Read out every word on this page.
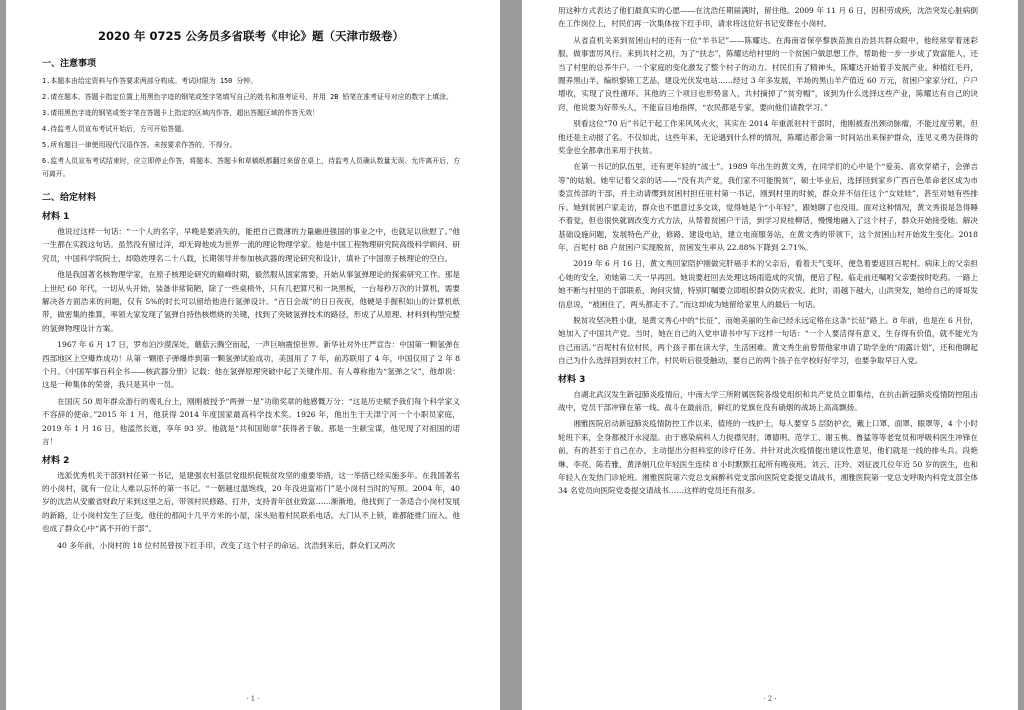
2020 年 0725 公务员多省联考《申论》题（天津市级卷）
一、注意事项

1.本题本由给定资料与作答要求两部分构成。考试时限为 150 分钟。

2.请在题本、答题卡指定位置上用黑色字迹的钢笔或签字笔填写自己的姓名和准考证号，并用 2B 铅笔在准考证号对应的数字上填涂。

3.请用黑色字迹的钢笔或签字笔在答题卡上指定的区域内作答，超出答题区域的作答无效！

4.待监考人员宣布考试开始后，方可开始答题。

5.所有题目一律使用现代汉语作答。未按要求作答的，不得分。

6.监考人员宣布考试结束时，应立即停止作答，将题本、答题卡和草稿纸都翻过来留在桌上，待监考人员确认数量无误、允许离开后，方可离开。

二、给定材料
材料 1

他说过这样一句话：“一个人的名字，早晚是要消失的，能把自己微薄的力量融进强国的事业之中，也就足以欣慰了。”他一生都在实践这句话。虽然没有留过洋，却无碍他成为世界一流的理论物理学家。他是中国工程物理研究院高级科学顾问、研究员，中国科学院院士，却隐姓埋名二十八载，长期领导并参加核武器的理论研究和设计，填补了中国原子核理论的空白。

他是我国著名核物理学家，在原子核理论研究的巅峰时期，毅然服从国家需要，开始从事氢弹理论的探索研究工作。那是上世纪 60 年代，一切从头开始，装备非常简陋，除了一些桌椅外，只有几把算尺和一块黑板，一台每秒万次的计算机，需要解决各方面浩来的问题，仅有 5%的时长可以留给他进行氢弹设计。“百日会战”的日日夜夜，他硬是手握积如山的计算机纸带，做密集的推算，率领大家发现了氢弹自持热核燃烧的关键，找到了突破氢弹技术的路径，形成了从原理、材料到构型完整的氢弹物理设计方案。

1967 年 6 月 17 日，罗布泊沙漠深处，蘑菇云腾空而起，一声巨响震惊世界。新华社对外庄严宣告：中国第一颗氢弹在西部地区上空爆炸成功！从第一颗原子弹爆炸到第一颗氢弹试验成功，美国用了 7 年，前苏联用了 4 年，中国仅用了 2 年 8 个月。《中国军事百科全书——核武器分册》记载：他在氢弹原理突破中起了关键作用。有人尊称他为“氢弹之父”，他却说：这是一种集体的荣誉，我只是其中一员。

在国庆 50 周年群众游行的观礼台上，刚刚被授予“两弹一星”功勋奖章的他感慨万分：“这是历史赋予我们每个科学家义不容辞的使命。”2015 年 1 月，他获得 2014 年度国家最高科学技术奖。1926 年，他出生于天津宁河一个小职员家庭，2019 年 1 月 16 日，他溘然长逝，享年 93 岁。他就是“共和国勋章”获得者于敏。那是一生献宝谋，他见现了对祖国的诺言！

材料 2

选派优秀机关干部到村任第一书记，是建强农村基层党组织促脱贫攻坚的重要举措，这一举措已经实施多年。在我国著名的小岗村，就有一位让人难以忘怀的第一书记。“一朝越过温饱线，20 年没进富裕门”是小岗村当时的写照。2004 年，40 岁的沈浩从安徽省财政厅来到这里之后，带领村民修路、打井，支持青年创业致富……渐渐地，他找到了一条适合小岗村发展的新路，让小岗村发生了巨变。他住的那间十几平方米的小屋，床头贴着村民联系电话。大门从不上锁，谁都能推门而入。他也成了群众心中“离不开的干部”。

40 多年前，小岗村的 18 位村民曾按下红手印，改变了这个村子的命运。沈浩到来后，群众们又两次

· 1 ·

用这种方式表达了他们最真实的心愿——在沈浩任期届满时，留住他。2009 年 11 月 6 日，因积劳成疾，沈浩突发心脏病倒在工作岗位上，村民们再一次集体按下红手印，请求将这位好书记安葬在小岗村。

从省直机关来到贫困山村的还有一位“羊书记”——陈耀达。在海南省保亭黎族苗族自治县共群众眼中，他经常穿着迷彩服，做事雷厉风行。来到共村之初，为了“扶志”，陈耀达给村里的一个贫困户做思想工作，帮助他一步一步成了致富能人，还当了村里的总养牛户。一个家庭的变化激发了整个村子的动力。村民们有了精神头，陈耀达开始着手发展产业。种植红毛丹，圈养黑山羊，编织黎锦工艺品，建设光伏发电站……经过 3 年多发展，羊场的黑山羊产值近 60 万元，贫困户家家分红，户户增收，实现了良性循环。其他的三个项目也形势喜人，共村摘掉了“贫穷帽”，该到为什么选择这些产业，陈耀达有自己的诀窍，他说要为好带头人，不能盲目地指挥，“农民都是专家，要向他们请教学习。”

别看这位“70 后”书记干起工作来风风火火，其实在 2014 年重派驻村干部时，他刚被查出颈动脉瘤，不能过度劳累，但他还是主动报了名。不仅如此，这些年来，无论遇到什么样的情况，陈耀达都会第一时间站出来保护群众，连见义勇为获得的奖金也全都拿出来用于扶贫。

在第一书记的队伍里，还有更年轻的“战士”。1989 年出生的黄文秀，在同学们的心中是个“爱美、喜欢穿裙子，会弹吉等”的姑娘。她牢记着父亲的话——“没有共产党，我们家不可能脱贫”，硕士毕业后，选择回到家乡广西百色革命老区成为市委宣传部的干部，并主动请缨到贫困村担任驻村第一书记，刚到村里的时候，群众并不信任这个“女娃娃”，甚至对她有些排斥。她到贫困户家走访，群众也不愿意过多交谈，觉得她是个“小年轻”，跟她聊了也没用。面对这种情况，黄文秀很是急得睡不着觉，但也很快就调改变方式方法，从帮着贫困户干活，到学习说桂柳话，慢慢地融入了这个村子，群众开始接受她。解决基础设施问题，发展特色产业，修路、建设电站，建立电商服务站，在黄文秀的带领下，这个贫困山村开始发生变化。2018 年，百坭村 88 户贫困户实现脱贫，贫困发生率从 22.88%下降到 2.71%。

2019 年 6 月 16 日，黄文秀回家陪护刚做完肝癌手术的父亲后，看着天气变坏，便急着要返回百坭村。病床上的父亲担心她的安全，劝她第二天一早再回。她说要赶回去处理这场雨造成的灾情，便启了程。临走前还嘱咐父亲要按时吃药。一路上她不断与村里的干部联系，询问灾情，特别叮嘱要立即组织群众防灾救灾。此时，雨越下越大，山洪突发，她给自己的哥哥发信息说，“被困住了，两头都走不了。”而这却成为她留给家里人的最后一句话。

脱贫攻坚决胜小康，是黄文秀心中的“长征”，而她美丽的生命已经永远定格在这条“长征”路上。8 年前，也是在 6 月份，她加入了中国共产党。当时，她在自己的入党申请书中写下这样一句话：“一个人要活得有意义，生存得有价值，就不能光为自己而活。”百坭村有位村民，两个孩子都在读大学，生活困难。黄文秀生前曾帮他家申请了助学金的“雨露计划”，还和他聊起自己为什么选择回到农村工作，村民听后很受触动，要自己的两个孩子在学校好好学习，也要争取早日入党。

材料 3

自湖北武汉发生新冠肺炎疫情后，中南大学三所附属医院各级党组织和共产党员立即集结，在抗击新冠肺炎疫情防控阻击战中，党员干部冲锋在第一线、战斗在最前沿，鲜红的党旗在没有硝烟的战场上高高飘扬。

湘雅医院启动新冠肺炎疫情防控工作以来，值班的一线护士，每人要穿 5 层防护衣，戴上口罩、面罩、眼罩等，4 个小时轮班下来，全身都被汗水浸湿。由于感染病科人力捉襟见肘，谭德明、范学工、谢玉桃、鲁猛等等老党员和呼吸科医生冲锋在前，有的甚至于自己在办，主动提出分担科室的诊疗任务。并针对此次疫情提出建议性意见，他们就是一线的排头兵。段艳琳、李亮、陈若雅、黄泽娟几位年轻医生连续 8 小时默默扛起所有晚夜班。刘云、汪玲、刘征波几位年近 50 岁的医生，也和年轻人在发热门诊轮班。湘雅医院第六党总支麻醉科党支部向医院党委提交请战书，湘雅医院第一党总支呼吸内科党支部全体 34 名党员向医院党委提交请战书……这样的党员还有很多。

· 2 ·
